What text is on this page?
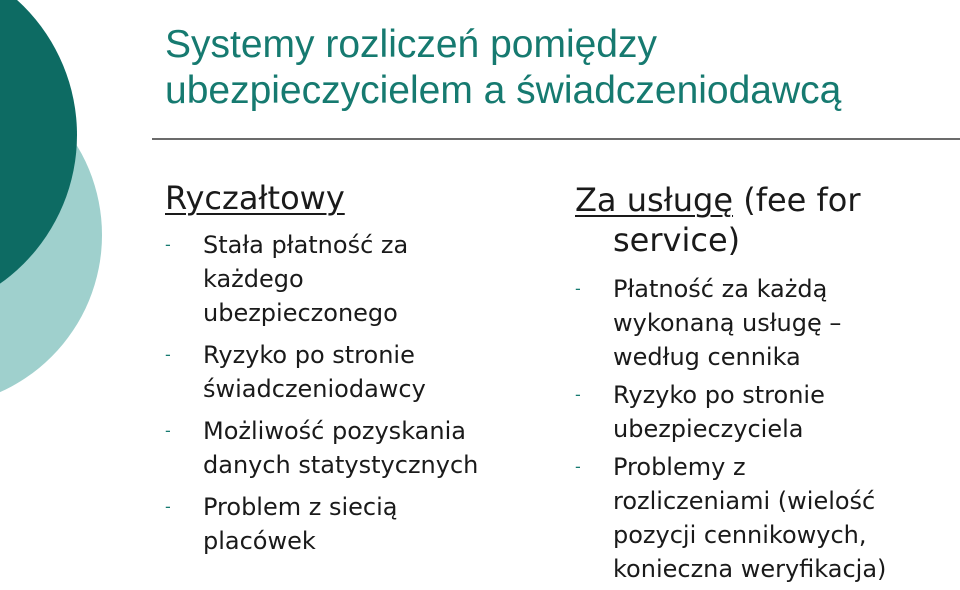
Systemy rozliczeń pomiędzy
ubezpieczycielem a świadczeniodawcą
Ryczałtowy
- Stała płatność za
każdego
ubezpieczonego
- Ryzyko po stronie
świadczeniodawcy
- Możliwość pozyskania
danych statystycznych
- Problem z siecią
placówek
Za usługę (fee for
service)
- Płatność za każdą
wykonaną usługę –
według cennika
- Ryzyko po stronie
ubezpieczyciela
- Problemy z
rozliczeniami (wielość
pozycji cennikowych,
konieczna weryfikacja)
